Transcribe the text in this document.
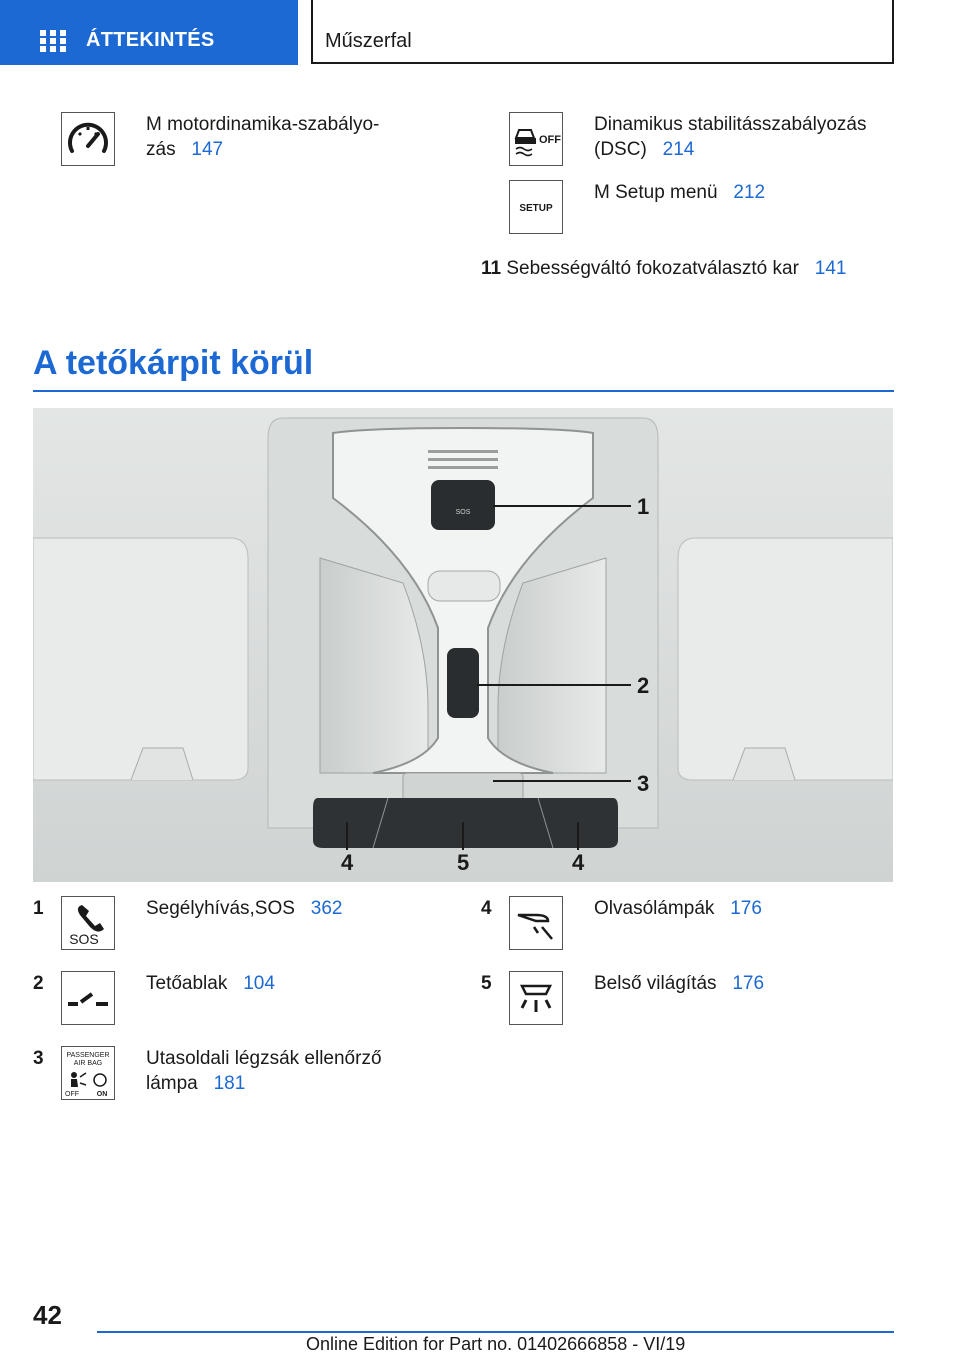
ÁTTEKINTÉS	Műszerfal
M motordinamika-szabályo-
zás 147	OFF
Dinamikus stabilitásszabályozás
(DSC) 214
SETUP
M Setup menü 212
11 Sebességváltó fokozatválasztó kar 141
A tetőkárpit körül
SOS	1
2
3
4	5	4
1
SOS
Segélyhívás,SOS 362
2	Tetőablak 104
3	PASSENGER
AIR BAG
OFF	ON
Utasoldali légzsák ellenőrző
lámpa 181
4	Olvasólámpák 176
5	Belső világítás 176
42
Online Edition for Part no. 01402666858 - VI/19
